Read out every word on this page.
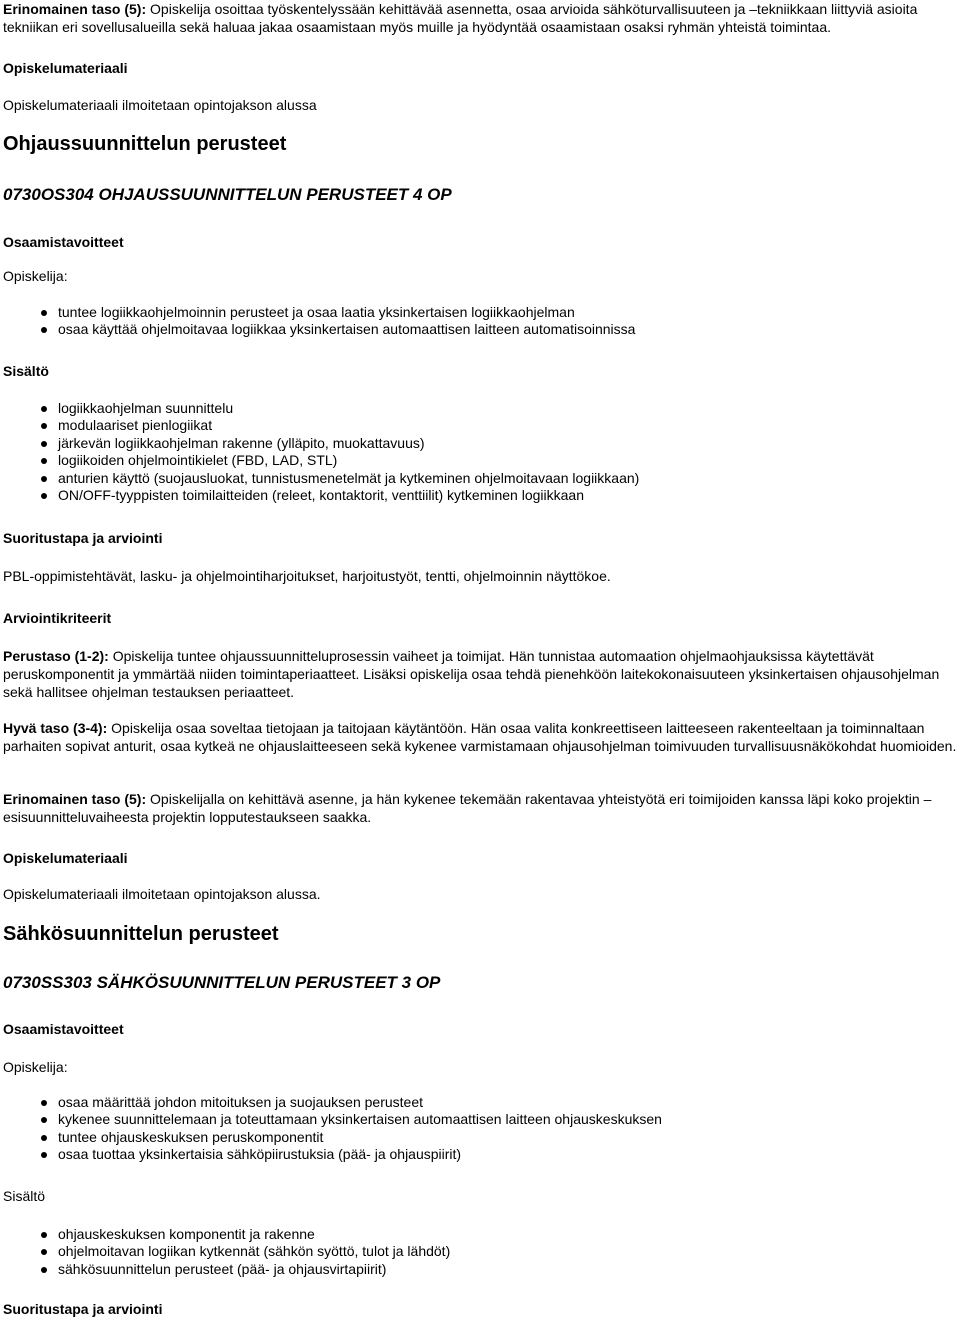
Erinomainen taso (5): Opiskelija osoittaa työskentelyssään kehittävää asennetta, osaa arvioida sähköturvallisuuteen ja –tekniikkaan liittyviä asioita tekniikan eri sovellusalueilla sekä haluaa jakaa osaamistaan myös muille ja hyödyntää osaamistaan osaksi ryhmän yhteistä toimintaa.

Opiskelumateriaali

Opiskelumateriaali ilmoitetaan opintojakson alussa

Ohjaussuunnittelun perusteet

0730OS304 OHJAUSSUUNNITTELUN PERUSTEET 4 OP

Osaamistavoitteet

Opiskelija:

tuntee logiikkaohjelmoinnin perusteet ja osaa laatia yksinkertaisen logiikkaohjelman
osaa käyttää ohjelmoitavaa logiikkaa yksinkertaisen automaattisen laitteen automatisoinnissa

Sisältö

logiikkaohjelman suunnittelu
modulaariset pienlogiikat
järkevän logiikkaohjelman rakenne (ylläpito, muokattavuus)
logiikoiden ohjelmointikielet (FBD, LAD, STL)
anturien käyttö (suojausluokat, tunnistusmenetelmät ja kytkeminen ohjelmoitavaan logiikkaan)
ON/OFF-tyyppisten toimilaitteiden (releet, kontaktorit, venttiilit) kytkeminen logiikkaan

Suoritustapa ja arviointi

PBL-oppimistehtävät, lasku- ja ohjelmointiharjoitukset, harjoitustyöt, tentti, ohjelmoinnin näyttökoe.

Arviointikriteerit

Perustaso (1-2): Opiskelija tuntee ohjaussuunnitteluprosessin vaiheet ja toimijat. Hän tunnistaa automaation ohjelmaohjauksissa käytettävät peruskomponentit ja ymmärtää niiden toimintaperiaatteet. Lisäksi opiskelija osaa tehdä pienehköön laitekokonaisuuteen yksinkertaisen ohjausohjelman sekä hallitsee ohjelman testauksen periaatteet.

Hyvä taso (3-4): Opiskelija osaa soveltaa tietojaan ja taitojaan käytäntöön. Hän osaa valita konkreettiseen laitteeseen rakenteeltaan ja toiminnaltaan parhaiten sopivat anturit, osaa kytkeä ne ohjauslaitteeseen sekä kykenee varmistamaan ohjausohjelman toimivuuden turvallisuusnäkökohdat huomioiden.

Erinomainen taso (5): Opiskelijalla on kehittävä asenne, ja hän kykenee tekemään rakentavaa yhteistyötä eri toimijoiden kanssa läpi koko projektin – esisuunnitteluvaiheesta projektin lopputestaukseen saakka.

Opiskelumateriaali

Opiskelumateriaali ilmoitetaan opintojakson alussa.

Sähkösuunnittelun perusteet

0730SS303 SÄHKÖSUUNNITTELUN PERUSTEET 3 OP

Osaamistavoitteet

Opiskelija:

osaa määrittää johdon mitoituksen ja suojauksen perusteet
kykenee suunnittelemaan ja toteuttamaan yksinkertaisen automaattisen laitteen ohjauskeskuksen
tuntee ohjauskeskuksen peruskomponentit
osaa tuottaa yksinkertaisia sähköpiirustuksia (pää- ja ohjauspiirit)

Sisältö

ohjauskeskuksen komponentit ja rakenne
ohjelmoitavan logiikan kytkennät (sähkön syöttö, tulot ja lähdöt)
sähkösuunnittelun perusteet (pää- ja ohjausvirtapiirit)

Suoritustapa ja arviointi
